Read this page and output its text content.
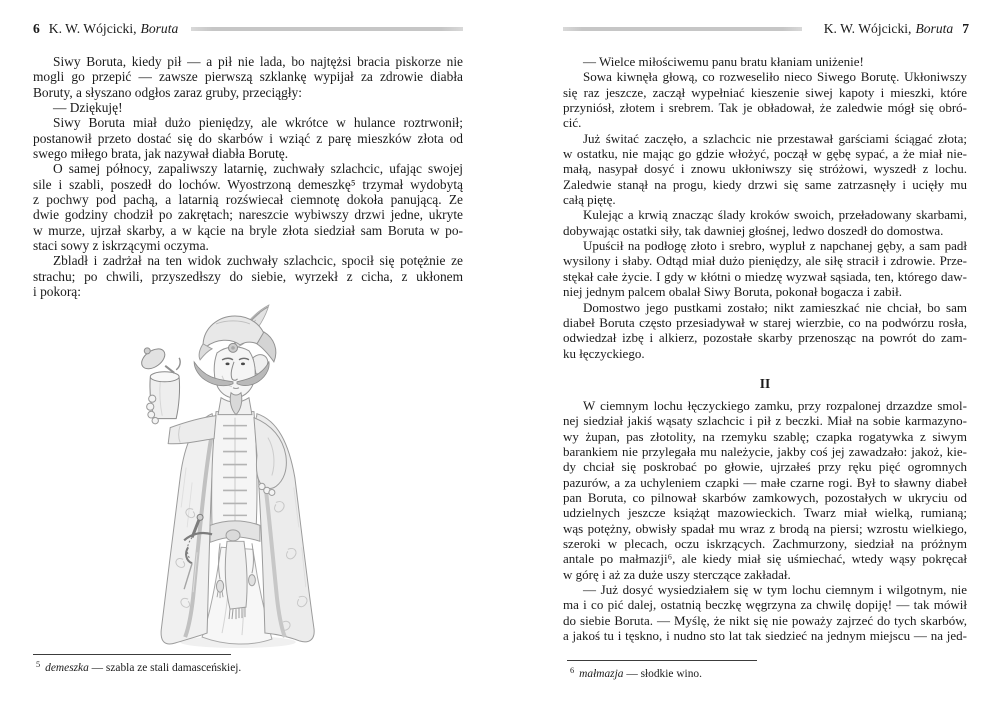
6 K. W. Wójcicki, Boruta
Siwy Boruta, kiedy pił — a pił nie lada, bo najtężsi bracia piskorze nie
mogli go przepić — zawsze pierwszą szklankę wypijał za zdrowie diabła
Boruty, a słyszano odgłos zaraz gruby, przeciągły:
— Dziękuję!
Siwy Boruta miał dużo pieniędzy, ale wkrótce w hulance roztrwonił;
postanowił przeto dostać się do skarbów i wziąć z parę mieszków złota od
swego miłego brata, jak nazywał diabła Borutę.
O samej północy, zapaliwszy latarnię, zuchwały szlachcic, ufając swojej
sile i szabli, poszedł do lochów. Wyostrzoną demeszkę⁵ trzymał wydobytą
z pochwy pod pachą, a latarnią rozświecał ciemnotę dokoła panującą. Ze
dwie godziny chodził po zakrętach; nareszcie wybiwszy drzwi jedne, ukryte
w murze, ujrzał skarby, a w kącie na bryle złota siedział sam Boruta w po-
staci sowy z iskrzącymi oczyma.
Zbladł i zadrżał na ten widok zuchwały szlachcic, spocił się potężnie ze
strachu; po chwili, przyszedłszy do siebie, wyrzekł z cicha, z ukłonem
i pokorą:
$^5$ demeszka — szabla ze stali damasceńskiej.
K. W. Wójcicki, Boruta 7
— Wielce miłościwemu panu bratu kłaniam uniżenie!
Sowa kiwnęła głową, co rozweseliło nieco Siwego Borutę. Ukłoniwszy
się raz jeszcze, zaczął wypełniać kieszenie siwej kapoty i mieszki, które
przyniósł, złotem i srebrem. Tak je obładował, że zaledwie mógł się obró-
cić.
Już świtać zaczęło, a szlachcic nie przestawał garściami ściągać złota;
w ostatku, nie mając go gdzie włożyć, począł w gębę sypać, a że miał nie-
małą, nasypał dosyć i znowu ukłoniwszy się stróżowi, wyszedł z lochu.
Zaledwie stanął na progu, kiedy drzwi się same zatrzasnęły i ucięły mu
całą piętę.
Kulejąc a krwią znacząc ślady kroków swoich, przeładowany skarbami,
dobywając ostatki siły, tak dawniej głośnej, ledwo doszedł do domostwa.
Upuścił na podłogę złoto i srebro, wypluł z napchanej gęby, a sam padł
wysilony i słaby. Odtąd miał dużo pieniędzy, ale siłę stracił i zdrowie. Prze-
stękał całe życie. I gdy w kłótni o miedzę wyzwał sąsiada, ten, którego daw-
niej jednym palcem obalał Siwy Boruta, pokonał bogacza i zabił.
Domostwo jego pustkami zostało; nikt zamieszkać nie chciał, bo sam
diabeł Boruta często przesiadywał w starej wierzbie, co na podwórzu rosła,
odwiedzał izbę i alkierz, pozostałe skarby przenosząc na powrót do zam-
ku łęczyckiego.
II
W ciemnym lochu łęczyckiego zamku, przy rozpalonej drzazdze smol-
nej siedział jakiś wąsaty szlachcic i pił z beczki. Miał na sobie karmazyno-
wy żupan, pas złotolity, na rzemyku szablę; czapka rogatywka z siwym
barankiem nie przylegała mu należycie, jakby coś jej zawadzało: jakoż, kie-
dy chciał się poskrobać po głowie, ujrzałeś przy ręku pięć ogromnych
pazurów, a za uchyleniem czapki — małe czarne rogi. Był to sławny diabeł
pan Boruta, co pilnował skarbów zamkowych, pozostałych w ukryciu od
udzielnych jeszcze książąt mazowieckich. Twarz miał wielką, rumianą;
wąs potężny, obwisły spadał mu wraz z brodą na piersi; wzrostu wielkiego,
szeroki w plecach, oczu iskrzących. Zachmurzony, siedział na próżnym
antale po małmazji⁶, ale kiedy miał się uśmiechać, wtedy wąsy pokręcał
w górę i aż za duże uszy sterczące zakładał.
— Już dosyć wysiedziałem się w tym lochu ciemnym i wilgotnym, nie
ma i co pić dalej, ostatnią beczkę węgrzyna za chwilę dopiję! — tak mówił
do siebie Boruta. — Myślę, że nikt się nie poważy zajrzeć do tych skarbów,
a jakoś tu i tęskno, i nudno sto lat tak siedzieć na jednym miejscu — na jed-
$^6$ małmazja — słodkie wino.
